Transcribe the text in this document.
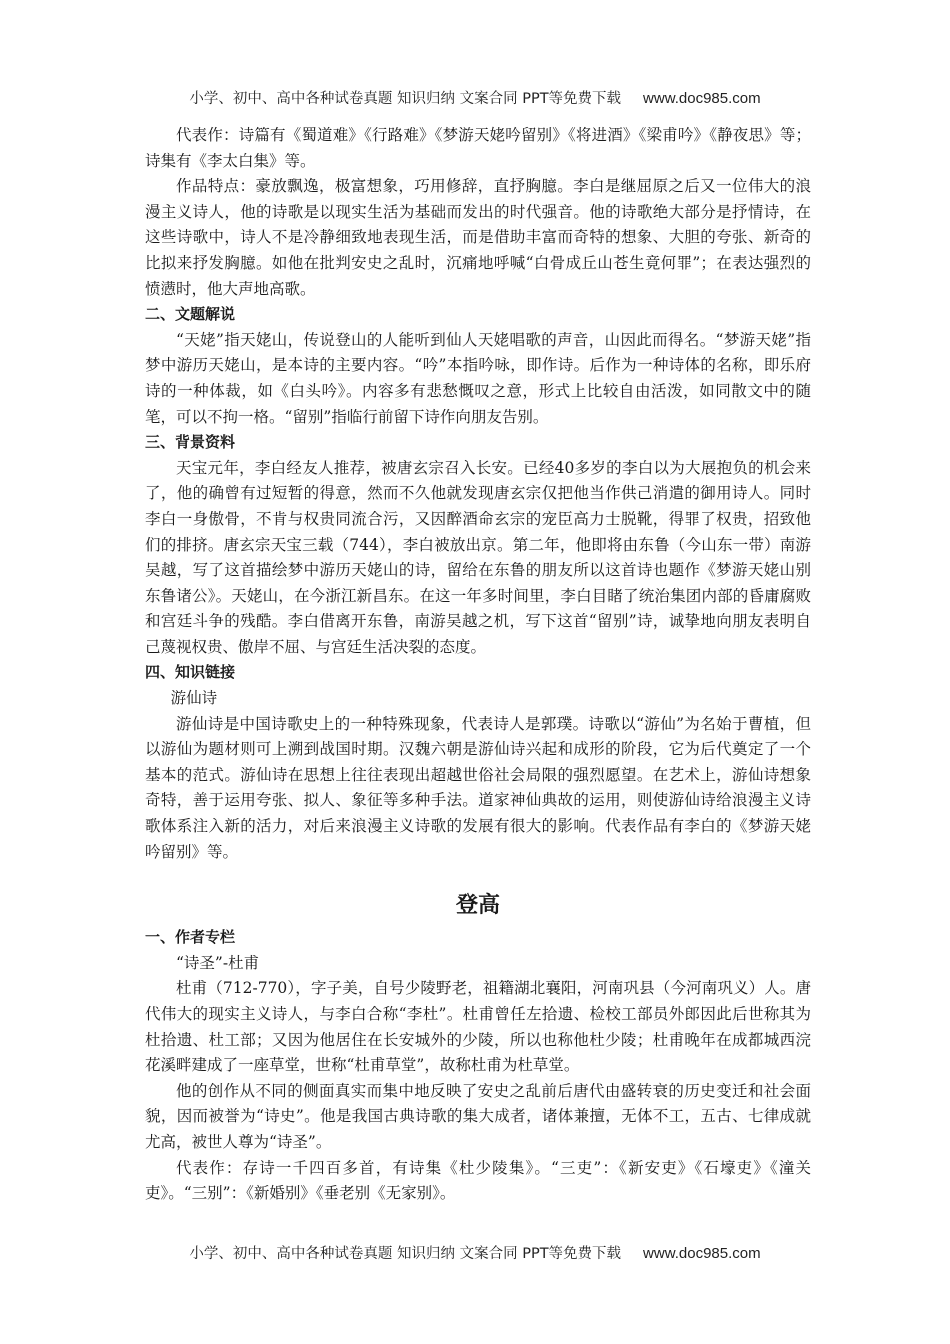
小学、初中、高中各种试卷真题 知识归纳 文案合同 PPT等免费下载 www.doc985.com

代表作：诗篇有《蜀道难》《行路难》《梦游天姥吟留别》《将进酒》《梁甫吟》《静夜思》等；诗集有《李太白集》等。

作品特点：豪放飘逸，极富想象，巧用修辞，直抒胸臆。李白是继屈原之后又一位伟大的浪漫主义诗人，他的诗歌是以现实生活为基础而发出的时代强音。他的诗歌绝大部分是抒情诗，在这些诗歌中，诗人不是冷静细致地表现生活，而是借助丰富而奇特的想象、大胆的夸张、新奇的比拟来抒发胸臆。如他在批判安史之乱时，沉痛地呼喊“白骨成丘山苍生竟何罪”；在表达强烈的愤懑时，他大声地高歌。

二、文题解说

“天姥”指天姥山，传说登山的人能听到仙人天姥唱歌的声音，山因此而得名。“梦游天姥”指梦中游历天姥山，是本诗的主要内容。“吟”本指吟咏，即作诗。后作为一种诗体的名称，即乐府诗的一种体裁，如《白头吟》。内容多有悲愁慨叹之意，形式上比较自由活泼，如同散文中的随笔，可以不拘一格。“留别”指临行前留下诗作向朋友告别。

三、背景资料

天宝元年，李白经友人推荐，被唐玄宗召入长安。已经40多岁的李白以为大展抱负的机会来了，他的确曾有过短暂的得意，然而不久他就发现唐玄宗仅把他当作供己消遣的御用诗人。同时李白一身傲骨，不肯与权贵同流合污，又因醉酒命玄宗的宠臣高力士脱靴，得罪了权贵，招致他们的排挤。唐玄宗天宝三载（744），李白被放出京。第二年，他即将由东鲁（今山东一带）南游吴越，写了这首描绘梦中游历天姥山的诗，留给在东鲁的朋友所以这首诗也题作《梦游天姥山别东鲁诸公》。天姥山，在今浙江新昌东。在这一年多时间里，李白目睹了统治集团内部的昏庸腐败和宫廷斗争的残酷。李白借离开东鲁，南游吴越之机，写下这首“留别”诗，诚挚地向朋友表明自己蔑视权贵、傲岸不屈、与宫廷生活决裂的态度。

四、知识链接

游仙诗

游仙诗是中国诗歌史上的一种特殊现象，代表诗人是郭璞。诗歌以“游仙”为名始于曹植，但以游仙为题材则可上溯到战国时期。汉魏六朝是游仙诗兴起和成形的阶段，它为后代奠定了一个基本的范式。游仙诗在思想上往往表现出超越世俗社会局限的强烈愿望。在艺术上，游仙诗想象奇特，善于运用夸张、拟人、象征等多种手法。道家神仙典故的运用，则使游仙诗给浪漫主义诗歌体系注入新的活力，对后来浪漫主义诗歌的发展有很大的影响。代表作品有李白的《梦游天姥吟留别》等。

登高

一、作者专栏

“诗圣”-杜甫

杜甫（712-770），字子美，自号少陵野老，祖籍湖北襄阳，河南巩县（今河南巩义）人。唐代伟大的现实主义诗人，与李白合称“李杜”。杜甫曾任左拾遗、检校工部员外郎因此后世称其为杜拾遗、杜工部；又因为他居住在长安城外的少陵，所以也称他杜少陵；杜甫晚年在成都城西浣花溪畔建成了一座草堂，世称“杜甫草堂”，故称杜甫为杜草堂。

他的创作从不同的侧面真实而集中地反映了安史之乱前后唐代由盛转衰的历史变迁和社会面貌，因而被誉为“诗史”。他是我国古典诗歌的集大成者，诸体兼擅，无体不工，五古、七律成就尤高，被世人尊为“诗圣”。

代表作：存诗一千四百多首，有诗集《杜少陵集》。“三吏”：《新安吏》《石壕吏》《潼关吏》。“三别”：《新婚别》《垂老别《无家别》。

小学、初中、高中各种试卷真题 知识归纳 文案合同 PPT等免费下载 www.doc985.com
